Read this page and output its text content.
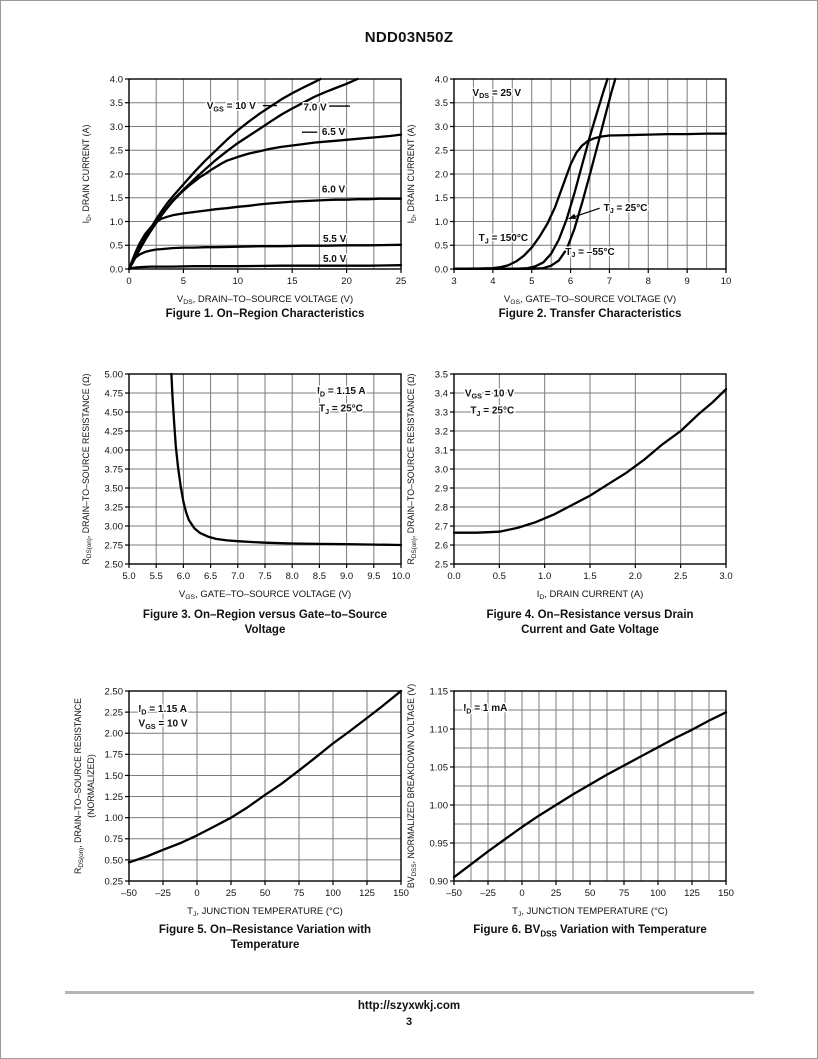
NDD03N50Z
0	5	10	15	20	25
0.0
0.5
1.0
1.5
2.0
2.5
3.0
3.5
4.0
$V_{DS}$, DRAIN–TO–SOURCE VOLTAGE (V)
$I_D$, DRAIN CURRENT (A)
$V_{GS} = 10$ V	7.0 V
6.5 V
6.0 V
5.5 V
5.0 V
3	4	5	6	7	8	9	10
0.0
0.5
1.0
1.5
2.0
2.5
3.0
3.5
4.0
$V_{GS}$, GATE–TO–SOURCE VOLTAGE (V)
$I_D$, DRAIN CURRENT (A)
$V_{DS} = 25$ V
$T_J = 25^\circ C$
$T_J = 150^\circ C$
$T_J = -55^\circ C$
5.0 5.5 6.0 6.5 7.0 7.5 8.0 8.5 9.0 9.5 10.0
2.50
2.75
3.00
3.25
3.50
3.75
4.00
4.25
4.50
4.75
5.00
$V_{GS}$, GATE–TO–SOURCE VOLTAGE (V)
$R_{DS(on)}$, DRAIN–TO–SOURCE RESISTANCE (Ω)	$I_D = 1.15$ A
$T_J = 25^\circ C$
0.0	0.5	1.0	1.5	2.0	2.5	3.0
2.5
2.6
2.7
2.8
2.9
3.0
3.1
3.2
3.3
3.4
3.5
$I_D$, DRAIN CURRENT (A)
$R_{DS(on)}$, DRAIN–TO–SOURCE RESISTANCE (Ω)	$V_{GS} = 10$ V
$T_J = 25^\circ C$
–50 –25 0	25 50 75 100 125 150
0.25
0.50
0.75
1.00
1.25
1.50
1.75
2.00
2.25
2.50
$T_J$, JUNCTION TEMPERATURE (°C)
$R_{DS(on)}$, DRAIN–TO–SOURCE RESISTANCE (NORMALIZED)
$I_D = 1.15$ A
$V_{GS} = 10$ V
–50 –25 0	25 50 75 100 125 150
0.90
0.95
1.00
1.05
1.10
1.15
$T_J$, JUNCTION TEMPERATURE (°C)
$BV_{DSS}$, NORMALIZED BREAKDOWN VOLTAGE (V)	$I_D = 1$ mA
Figure 1. On–Region Characteristics	Figure 2. Transfer Characteristics
Figure 3. On–Region versus Gate–to–Source
Voltage
Figure 4. On–Resistance versus Drain
Current and Gate Voltage
Figure 5. On–Resistance Variation with
Temperature
Figure 6. $BV_{DSS}$ Variation with Temperature
http://szyxwkj.com
3
